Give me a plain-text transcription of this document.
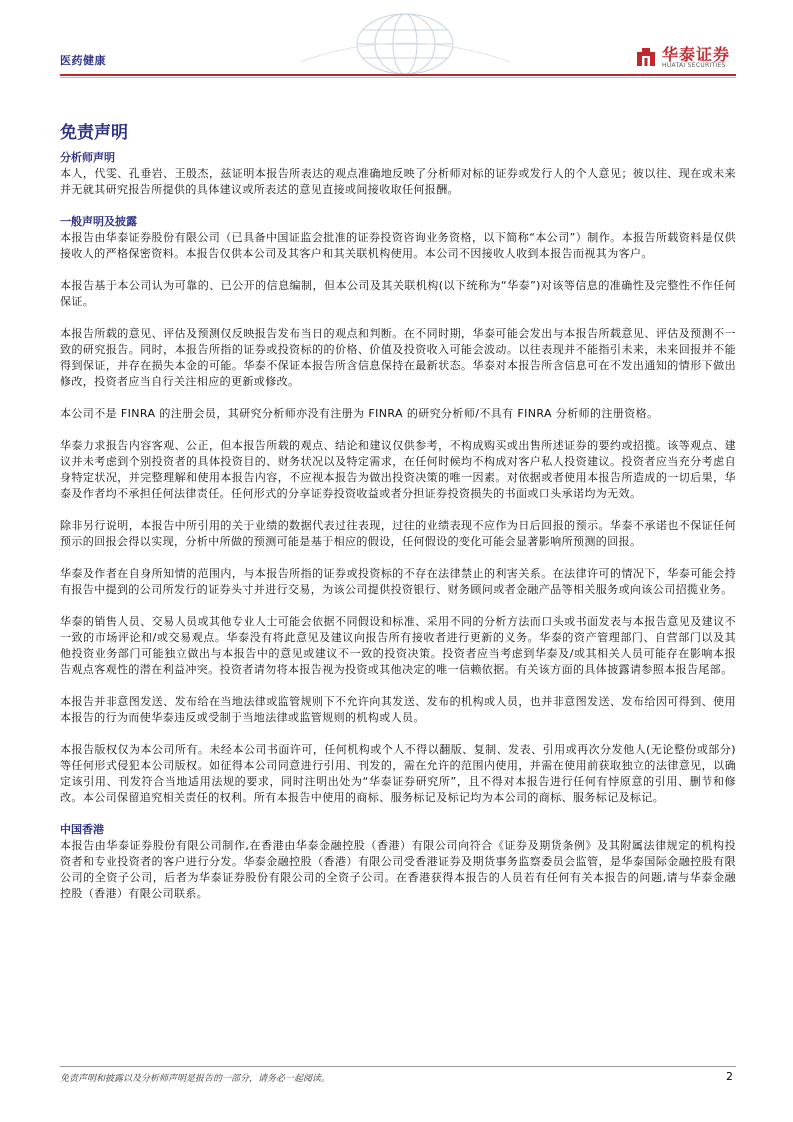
医药健康	华泰证券
HUATAI SECURITIES
免责声明
分析师声明

本人，代雯、孔垂岩、王殷杰，兹证明本报告所表达的观点准确地反映了分析师对标的证券或发行人的个人意见；彼以往、现在或未来并无就其研究报告所提供的具体建议或所表迖的意见直接或间接收取任何报酬。

一般声明及披露

本报告由华泰证券股份有限公司（已具备中国证监会批准的证券投资咨询业务资格，以下简称“本公司”）制作。本报告所载资料是仅供接收人的严格保密资料。本报告仅供本公司及其客户和其关联机构使用。本公司不因接收人收到本报告而视其为客户。

本报告基于本公司认为可靠的、已公开的信息编制，但本公司及其关联机构(以下统称为“华泰”)对该等信息的准确性及完整性不作任何保证。

本报告所载的意见、评估及预测仅反映报告发布当日的观点和判断。在不同时期，华泰可能会发出与本报告所载意见、评估及预测不一致的研究报告。同时，本报告所指的证券或投资标的的价格、价值及投资收入可能会波动。以往表现并不能指引未来，未来回报并不能得到保证，并存在损失本金的可能。华泰不保证本报告所含信息保持在最新状态。华泰对本报告所含信息可在不发出通知的情形下做出修改，投资者应当自行关注相应的更新或修改。

本公司不是 FINRA 的注册会员，其研究分析师亦没有注册为 FINRA 的研究分析师/不具有 FINRA 分析师的注册资格。

华泰力求报告内容客观、公正，但本报告所载的观点、结论和建议仅供参考，不构成购买或出售所述证券的要约或招揽。该等观点、建议并未考虑到个别投资者的具体投资目的、财务状况以及特定需求，在任何时候均不构成对客户私人投资建议。投资者应当充分考虑自身特定状况，并完整理解和使用本报告内容，不应视本报告为做出投资决策的唯一因素。对依据或者使用本报告所造成的一切后果，华泰及作者均不承担任何法律责任。任何形式的分享证券投资收益或者分担证券投资损失的书面或口头承诺均为无效。

除非另行说明，本报告中所引用的关于业绩的数据代表过往表现，过往的业绩表现不应作为日后回报的预示。华泰不承诺也不保证任何预示的回报会得以实现，分析中所做的预测可能是基于相应的假设，任何假设的变化可能会显著影响所预测的回报。

华泰及作者在自身所知情的范围内，与本报告所指的证券或投资标的不存在法律禁止的利害关系。在法律许可的情况下，华泰可能会持有报告中提到的公司所发行的证券头寸并进行交易，为该公司提供投资银行、财务顾问或者金融产品等相关服务或向该公司招揽业务。

华泰的销售人员、交易人员或其他专业人士可能会依据不同假设和标准、采用不同的分析方法而口头或书面发表与本报告意见及建议不一致的市场评论和/或交易观点。华泰没有将此意见及建议向报告所有接收者进行更新的义务。华泰的资产管理部门、自营部门以及其他投资业务部门可能独立做出与本报告中的意见或建议不一致的投资决策。投资者应当考虑到华泰及/或其相关人员可能存在影响本报告观点客观性的潜在利益冲突。投资者请勿将本报告视为投资或其他决定的唯一信赖依据。有关该方面的具体披露请参照本报告尾部。

本报告并非意图发送、发布给在当地法律或监管规则下不允许向其发送、发布的机构或人员，也并非意图发送、发布给因可得到、使用本报告的行为而使华泰违反或受制于当地法律或监管规则的机构或人员。

本报告版权仅为本公司所有。未经本公司书面许可，任何机构或个人不得以翻版、复制、发表、引用或再次分发他人(无论整份或部分)等任何形式侵犯本公司版权。如征得本公司同意进行引用、刊发的，需在允许的范围内使用，并需在使用前获取独立的法律意见，以确定该引用、刊发符合当地适用法规的要求，同时注明出处为“华泰证券研究所”，且不得对本报告进行任何有悖原意的引用、删节和修改。本公司保留追究相关责任的权利。所有本报告中使用的商标、服务标记及标记均为本公司的商标、服务标记及标记。

中国香港

本报告由华泰证券股份有限公司制作,在香港由华泰金融控股（香港）有限公司向符合《证券及期货条例》及其附属法律规定的机构投资者和专业投资者的客户进行分发。华泰金融控股（香港）有限公司受香港证券及期货事务监察委员会监管，是华泰国际金融控股有限公司的全资子公司，后者为华泰证券股份有限公司的全资子公司。在香港获得本报告的人员若有任何有关本报告的问题,请与华泰金融控股（香港）有限公司联系。

免责声明和披露以及分析师声明是报告的一部分，请务必一起阅读。	2
